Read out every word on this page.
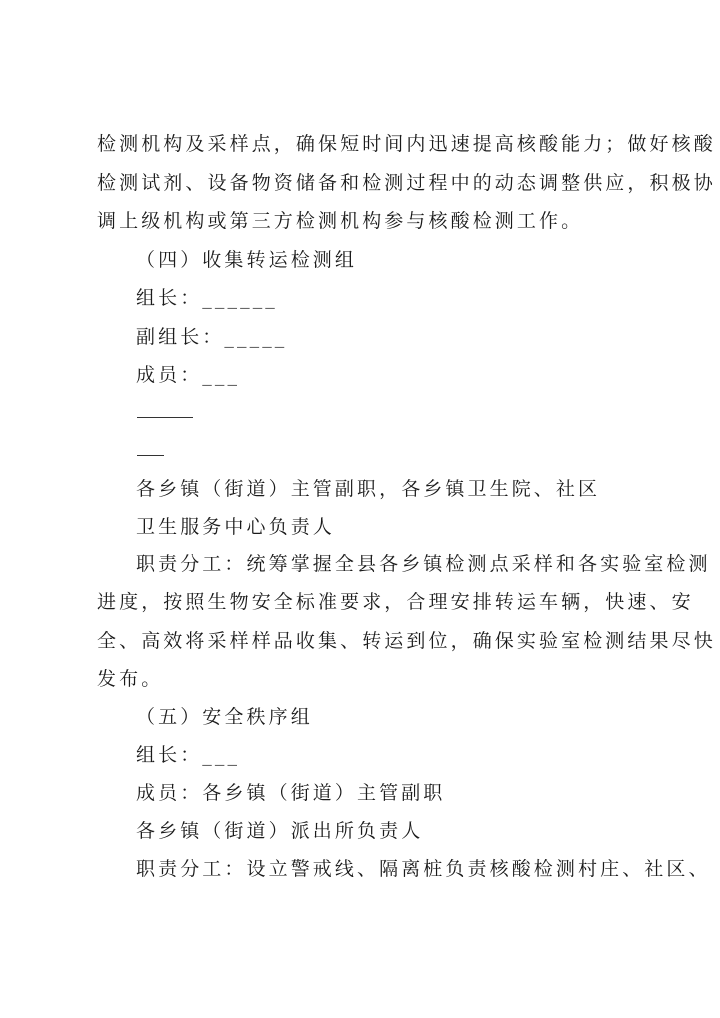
检测机构及采样点，确保短时间内迅速提高核酸能力；做好核酸
检测试剂、设备物资储备和检测过程中的动态调整供应，积极协
调上级机构或第三方检测机构参与核酸检测工作。
（四）收集转运检测组
组长：______
副组长：_____
成员：___
各乡镇（街道）主管副职，各乡镇卫生院、社区
卫生服务中心负责人
职责分工：统筹掌握全县各乡镇检测点采样和各实验室检测
进度，按照生物安全标准要求，合理安排转运车辆，快速、安
全、高效将采样样品收集、转运到位，确保实验室检测结果尽快
发布。
（五）安全秩序组
组长：___
成员：各乡镇（街道）主管副职
各乡镇（街道）派出所负责人
职责分工：设立警戒线、隔离桩负责核酸检测村庄、社区、
